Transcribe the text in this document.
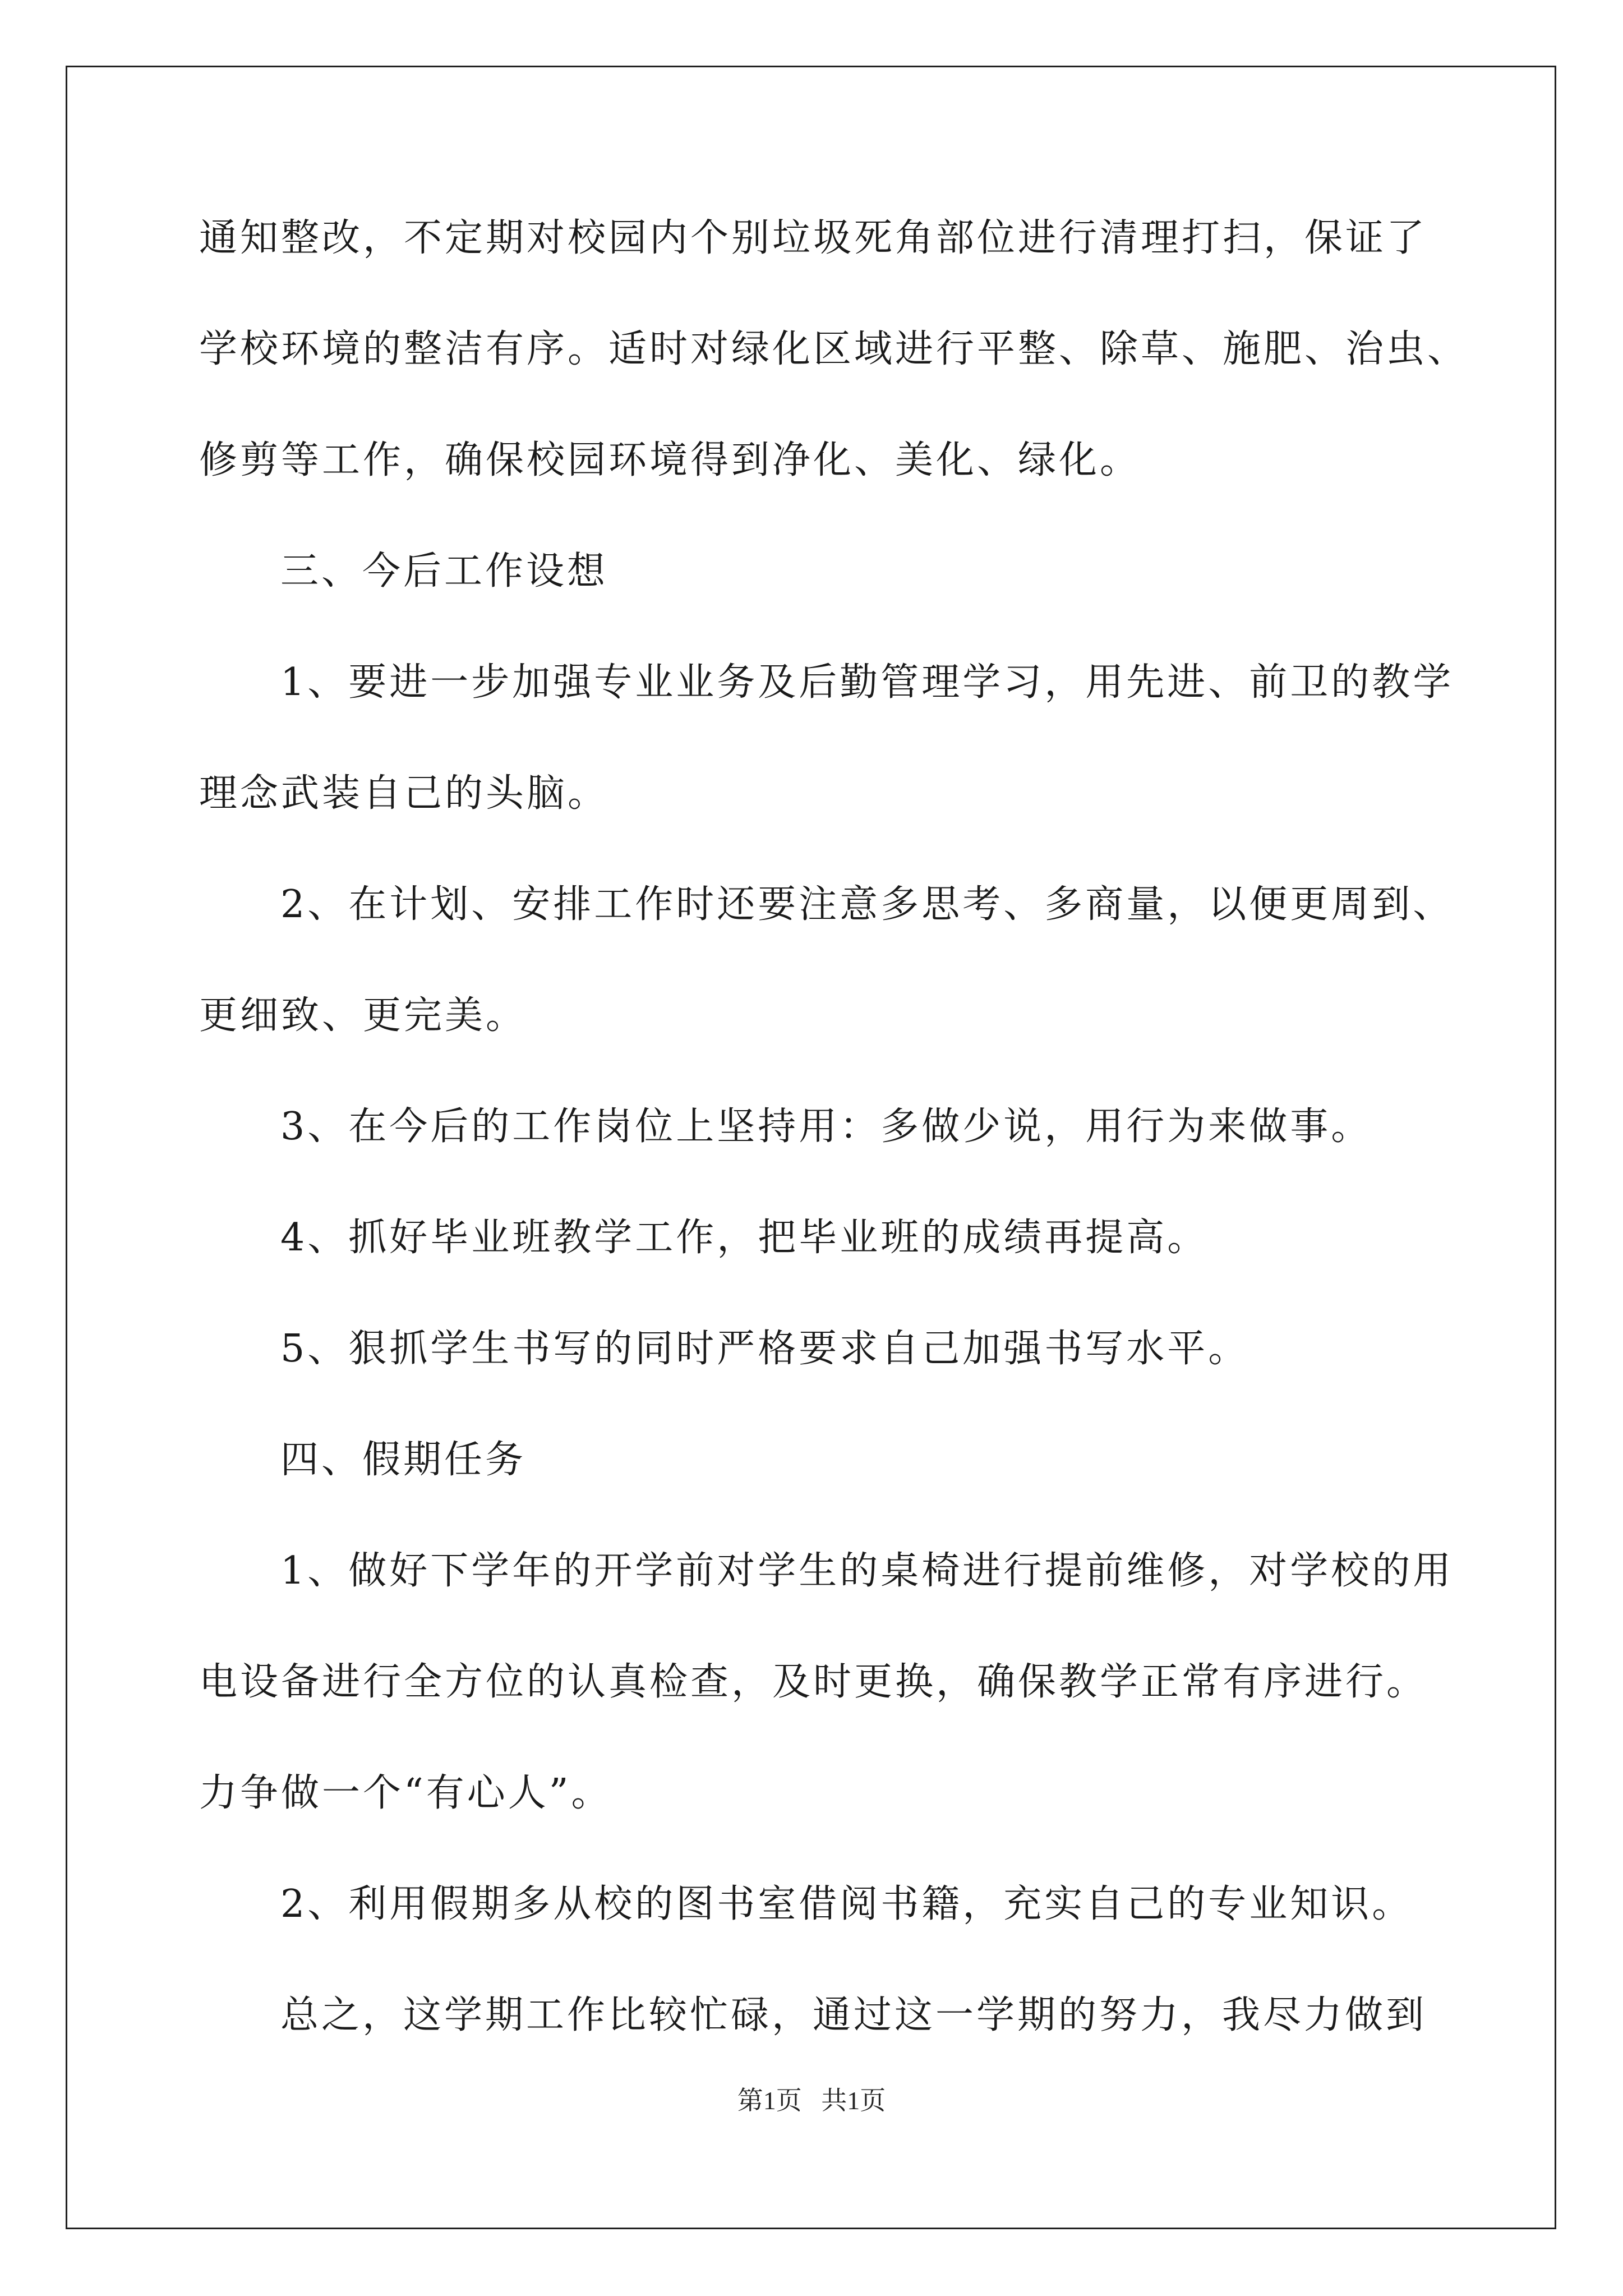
通知整改，不定期对校园内个别垃圾死角部位进行清理打扫，保证了

学校环境的整洁有序。适时对绿化区域进行平整、除草、施肥、治虫、

修剪等工作，确保校园环境得到净化、美化、绿化。

三、今后工作设想

1、要进一步加强专业业务及后勤管理学习，用先进、前卫的教学

理念武装自己的头脑。

2、在计划、安排工作时还要注意多思考、多商量，以便更周到、

更细致、更完美。

3、在今后的工作岗位上坚持用：多做少说，用行为来做事。

4、抓好毕业班教学工作，把毕业班的成绩再提高。

5、狠抓学生书写的同时严格要求自己加强书写水平。

四、假期任务

1、做好下学年的开学前对学生的桌椅进行提前维修，对学校的用

电设备进行全方位的认真检查，及时更换，确保教学正常有序进行。

力争做一个“有心人”。

2、利用假期多从校的图书室借阅书籍，充实自己的专业知识。

总之，这学期工作比较忙碌，通过这一学期的努力，我尽力做到

第1页   共1页
